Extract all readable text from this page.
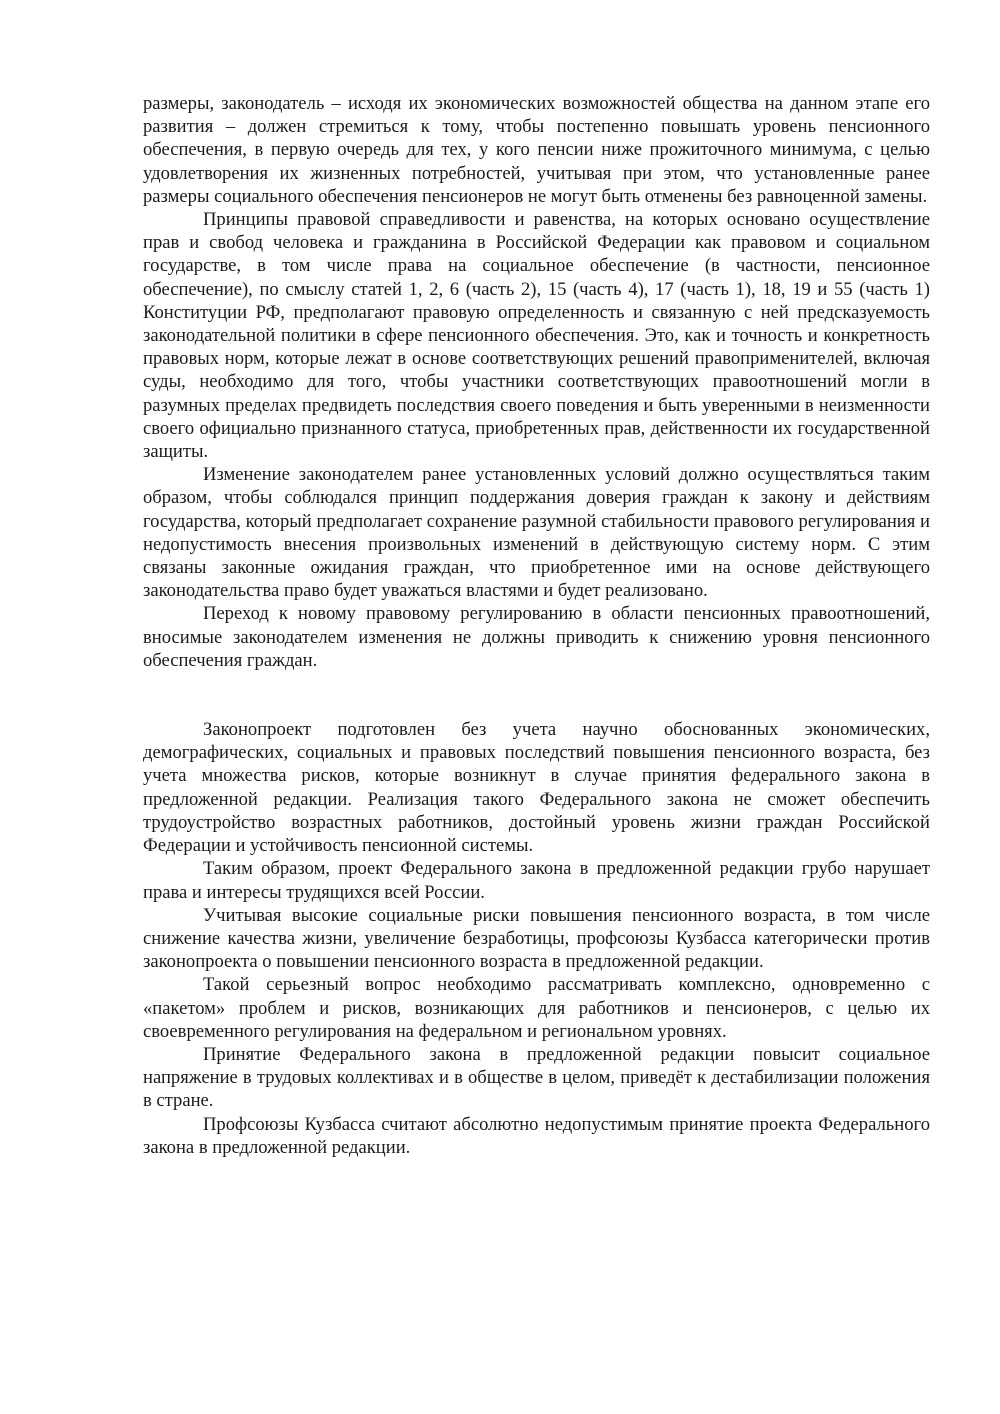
размеры, законодатель – исходя их экономических возможностей общества на данном этапе его развития – должен стремиться к тому, чтобы постепенно повышать уровень пенсионного обеспечения, в первую очередь для тех, у кого пенсии ниже прожиточного минимума, с целью удовлетворения их жизненных потребностей, учитывая при этом, что установленные ранее размеры социального обеспечения пенсионеров не могут быть отменены без равноценной замены.

Принципы правовой справедливости и равенства, на которых основано осуществление прав и свобод человека и гражданина в Российской Федерации как правовом и социальном государстве, в том числе права на социальное обеспечение (в частности, пенсионное обеспечение), по смыслу статей 1, 2, 6 (часть 2), 15 (часть 4), 17 (часть 1), 18, 19 и 55 (часть 1) Конституции РФ, предполагают правовую определенность и связанную с ней предсказуемость законодательной политики в сфере пенсионного обеспечения. Это, как и точность и конкретность правовых норм, которые лежат в основе соответствующих решений правоприменителей, включая суды, необходимо для того, чтобы участники соответствующих правоотношений могли в разумных пределах предвидеть последствия своего поведения и быть уверенными в неизменности своего официально признанного статуса, приобретенных прав, действенности их государственной защиты.

Изменение законодателем ранее установленных условий должно осуществляться таким образом, чтобы соблюдался принцип поддержания доверия граждан к закону и действиям государства, который предполагает сохранение разумной стабильности правового регулирования и недопустимость внесения произвольных изменений в действующую систему норм. С этим связаны законные ожидания граждан, что приобретенное ими на основе действующего законодательства право будет уважаться властями и будет реализовано.

Переход к новому правовому регулированию в области пенсионных правоотношений, вносимые законодателем изменения не должны приводить к снижению уровня пенсионного обеспечения граждан.

Законопроект подготовлен без учета научно обоснованных экономических, демографических, социальных и правовых последствий повышения пенсионного возраста, без учета множества рисков, которые возникнут в случае принятия федерального закона в предложенной редакции. Реализация такого Федерального закона не сможет обеспечить трудоустройство возрастных работников, достойный уровень жизни граждан Российской Федерации и устойчивость пенсионной системы.

Таким образом, проект Федерального закона в предложенной редакции грубо нарушает права и интересы трудящихся всей России.

Учитывая высокие социальные риски повышения пенсионного возраста, в том числе снижение качества жизни, увеличение безработицы, профсоюзы Кузбасса категорически против законопроекта о повышении пенсионного возраста в предложенной редакции.

Такой серьезный вопрос необходимо рассматривать комплексно, одновременно с «пакетом» проблем и рисков, возникающих для работников и пенсионеров, с целью их своевременного регулирования на федеральном и региональном уровнях.

Принятие Федерального закона в предложенной редакции повысит социальное напряжение в трудовых коллективах и в обществе в целом, приведёт к дестабилизации положения в стране.

Профсоюзы Кузбасса считают абсолютно недопустимым принятие проекта Федерального закона в предложенной редакции.
